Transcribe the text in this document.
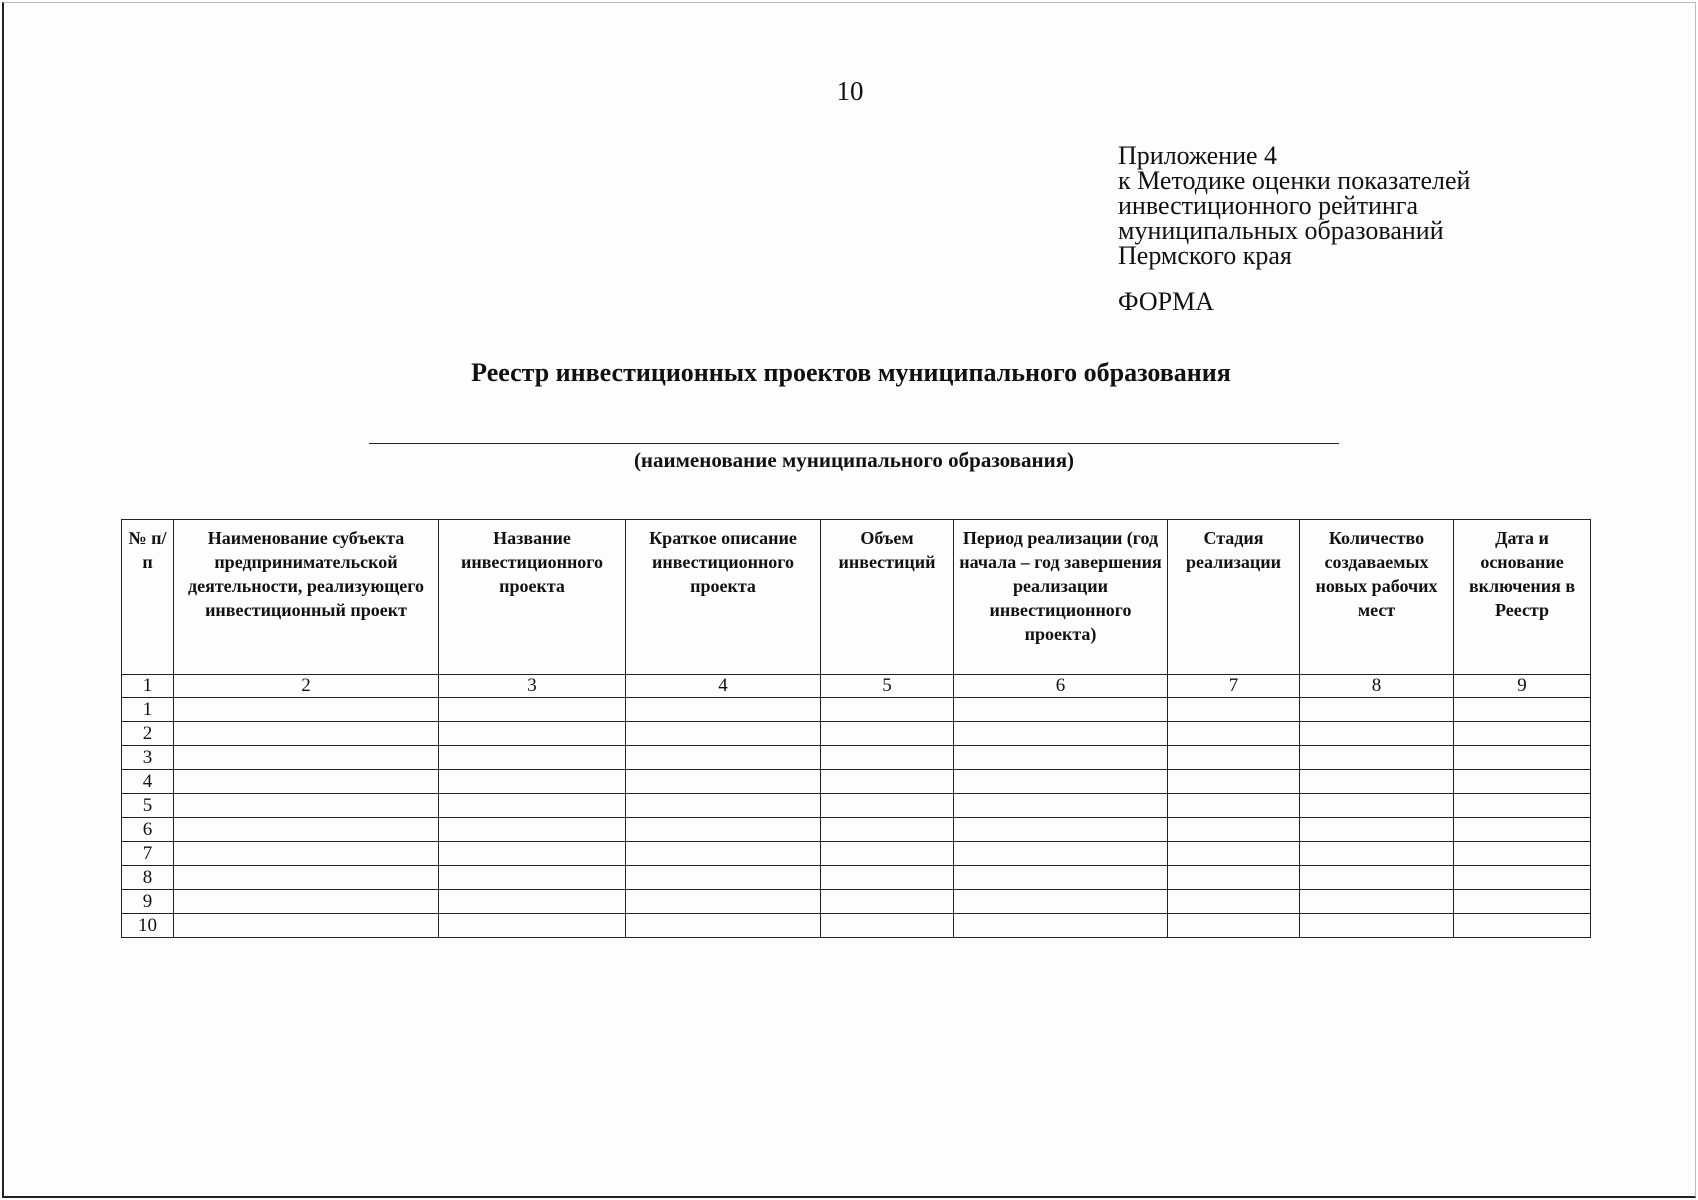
10
Приложение 4
к Методике оценки показателей
инвестиционного рейтинга
муниципальных образований
Пермского края
ФОРМА
Реестр инвестиционных проектов муниципального образования
(наименование муниципального образования)
№ п/п	Наименование субъекта предпринимательской деятельности, реализующего инвестиционный проект	Название инвестиционного проекта	Краткое описание инвестиционного проекта	Объем инвестиций	Период реализации (год начала – год завершения реализации инвестиционного проекта)	Стадия реализации	Количество создаваемых новых рабочих мест	Дата и основание включения в Реестр
1	2	3	4	5	6	7	8	9
1								
2								
3								
4								
5								
6								
7								
8								
9								
10								
